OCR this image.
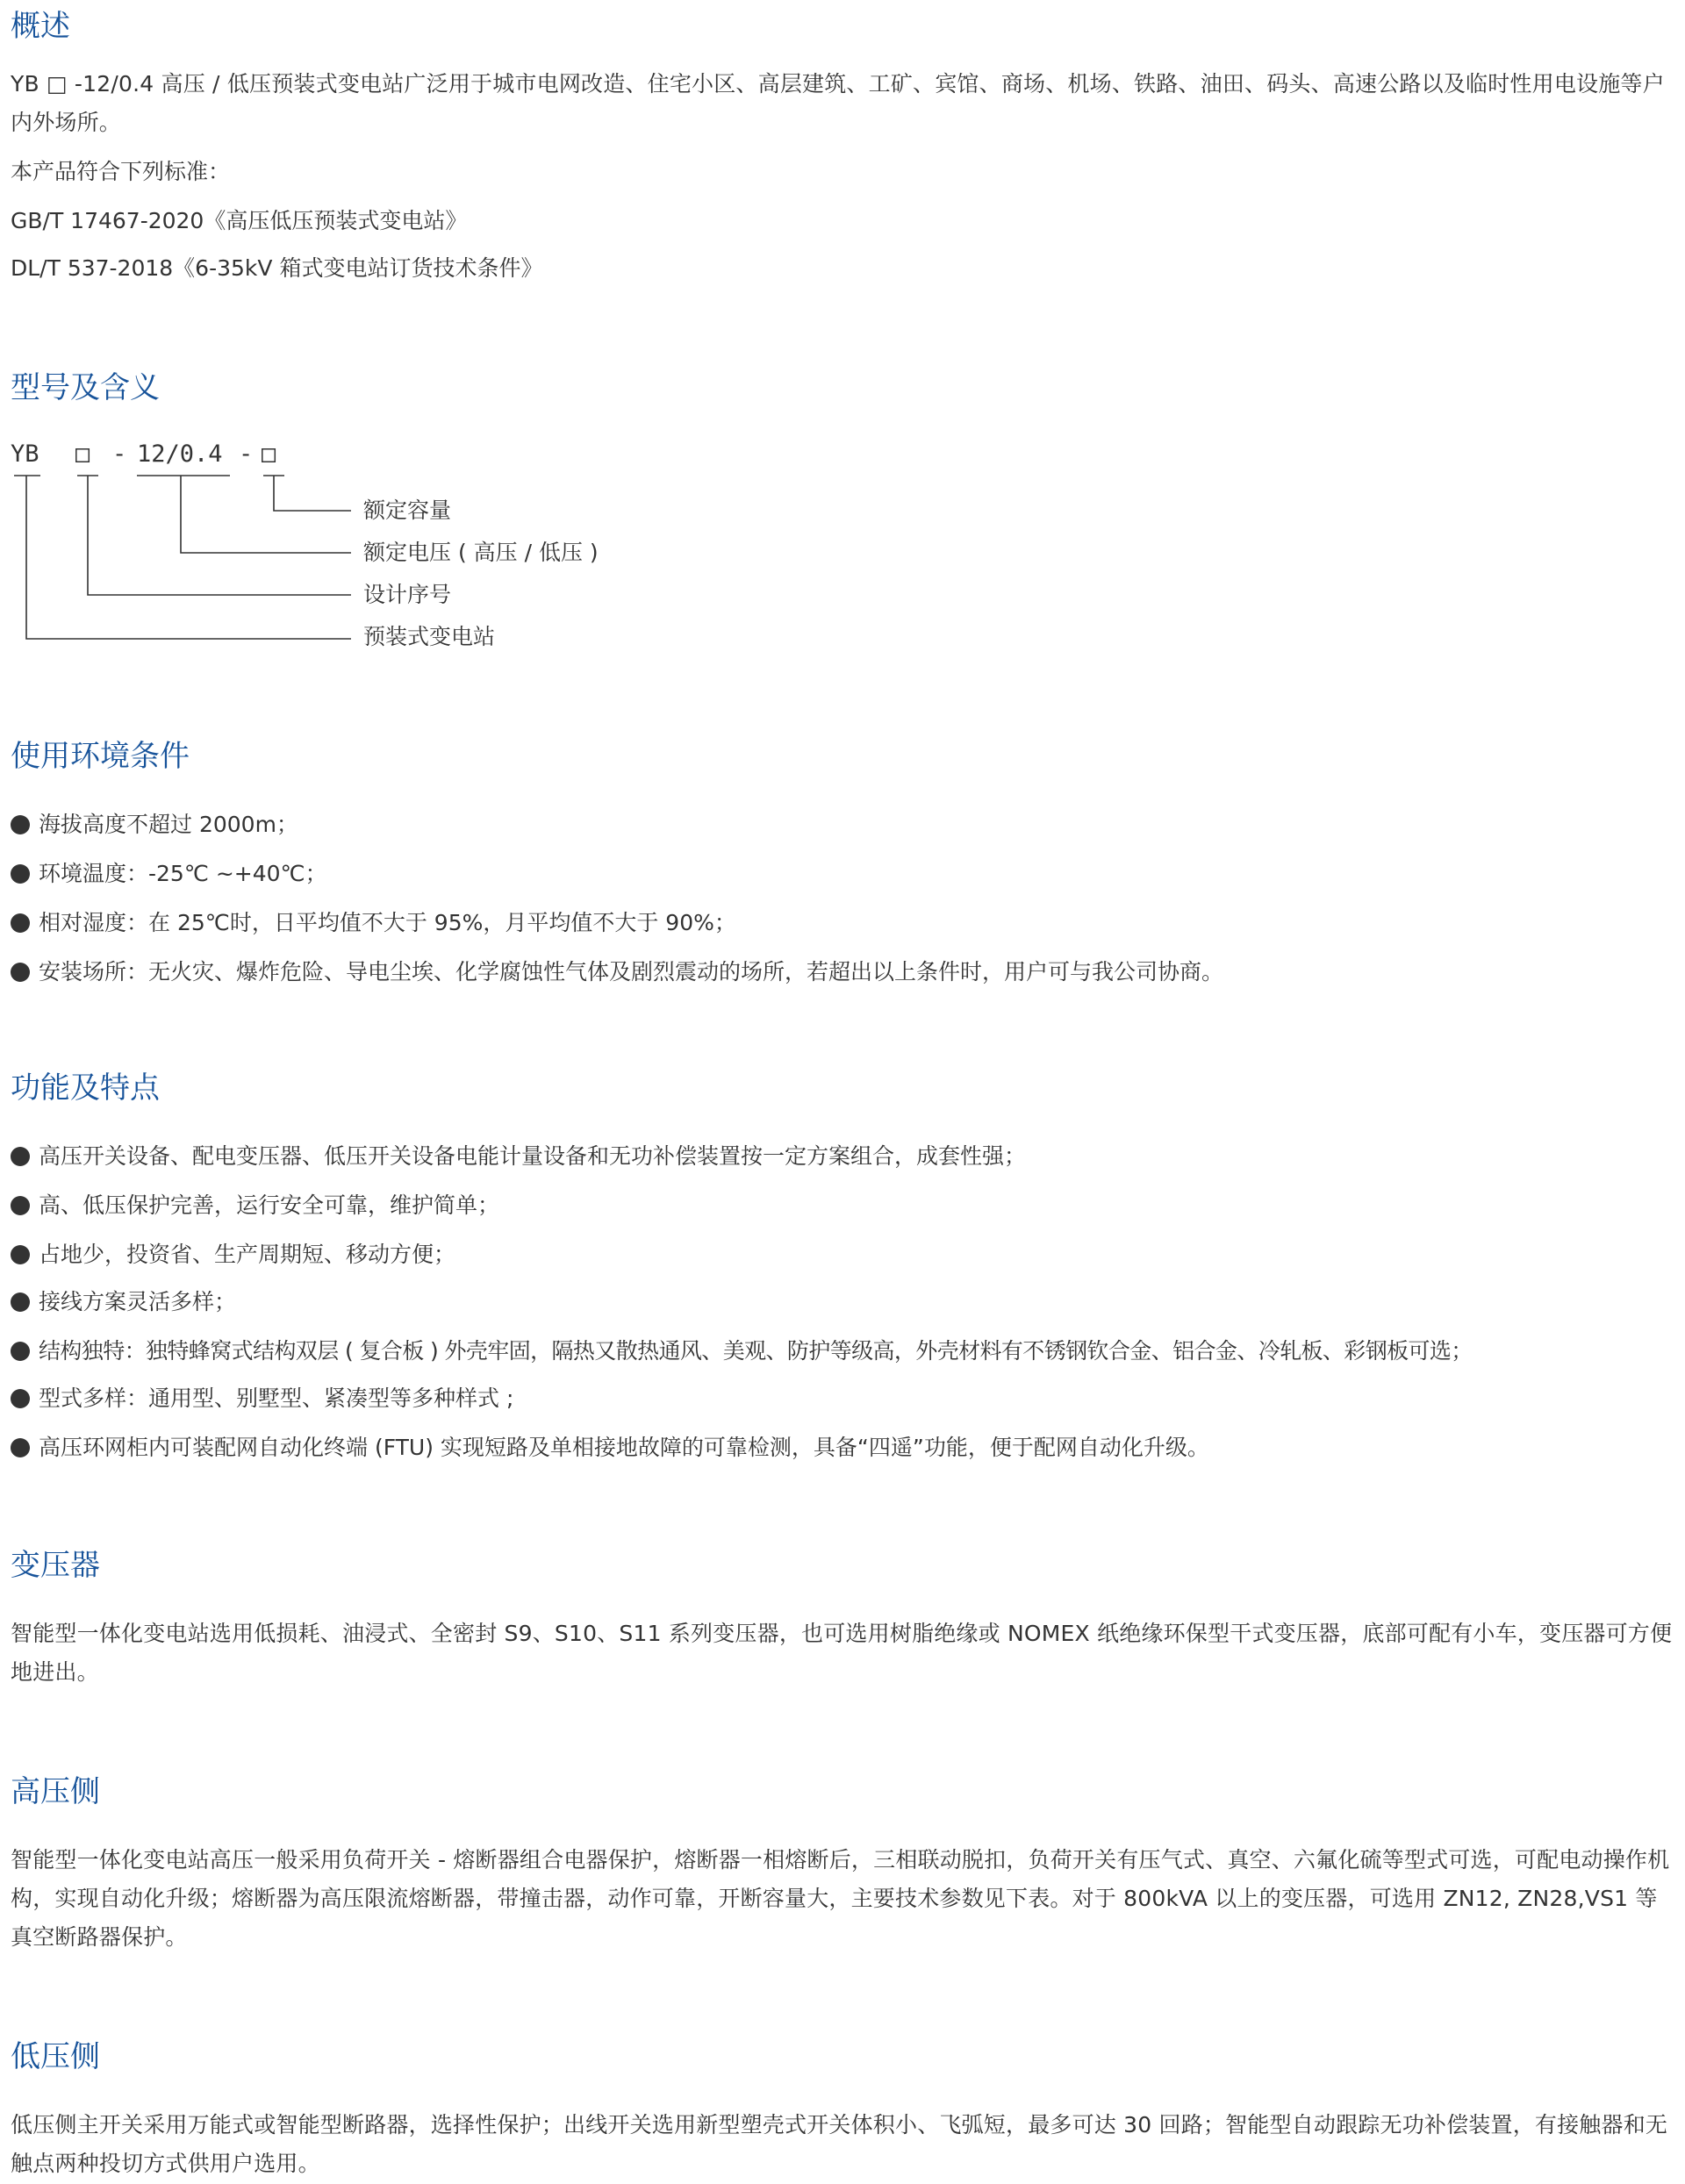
概述

YB □ -12/0.4 高压 / 低压预装式变电站广泛用于城市电网改造、住宅小区、高层建筑、工矿、宾馆、商场、机场、铁路、油田、码头、高速公路以及临时性用电设施等户内外场所。

本产品符合下列标准：

GB/T 17467-2020《高压低压预装式变电站》

DL/T 537-2018《6-35kV 箱式变电站订货技术条件》

型号及含义
YB □ - 12/0.4 - □
额定容量
额定电压 ( 高压 / 低压 )
设计序号
预装式变电站
使用环境条件

海拔高度不超过 2000m；

环境温度：-25℃ ~+40℃；

相对湿度：在 25℃时，日平均值不大于 95%，月平均值不大于 90%；

安装场所：无火灾、爆炸危险、导电尘埃、化学腐蚀性气体及剧烈震动的场所，若超出以上条件时，用户可与我公司协商。

功能及特点

高压开关设备、配电变压器、低压开关设备电能计量设备和无功补偿装置按一定方案组合，成套性强；

高、低压保护完善，运行安全可靠，维护简单；

占地少，投资省、生产周期短、移动方便；

接线方案灵活多样；

结构独特：独特蜂窝式结构双层 ( 复合板 ) 外壳牢固，隔热又散热通风、美观、防护等级高，外壳材料有不锈钢钦合金、铝合金、冷轧板、彩钢板可选；

型式多样：通用型、别墅型、紧凑型等多种样式 ;

高压环网柜内可装配网自动化终端 (FTU) 实现短路及单相接地故障的可靠检测，具备“四遥”功能，便于配网自动化升级。

变压器

智能型一体化变电站选用低损耗、油浸式、全密封 S9、S10、S11 系列变压器，也可选用树脂绝缘或 NOMEX 纸绝缘环保型干式变压器，底部可配有小车，变压器可方便地进出。

高压侧

智能型一体化变电站高压一般采用负荷开关 - 熔断器组合电器保护，熔断器一相熔断后，三相联动脱扣，负荷开关有压气式、真空、六氟化硫等型式可选，可配电动操作机构，实现自动化升级；熔断器为高压限流熔断器，带撞击器，动作可靠，开断容量大，主要技术参数见下表。对于 800kVA 以上的变压器，可选用 ZN12, ZN28,VS1 等真空断路器保护。

低压侧

低压侧主开关采用万能式或智能型断路器，选择性保护；出线开关选用新型塑壳式开关体积小、飞弧短，最多可达 30 回路；智能型自动跟踪无功补偿装置，有接触器和无触点两种投切方式供用户选用。
